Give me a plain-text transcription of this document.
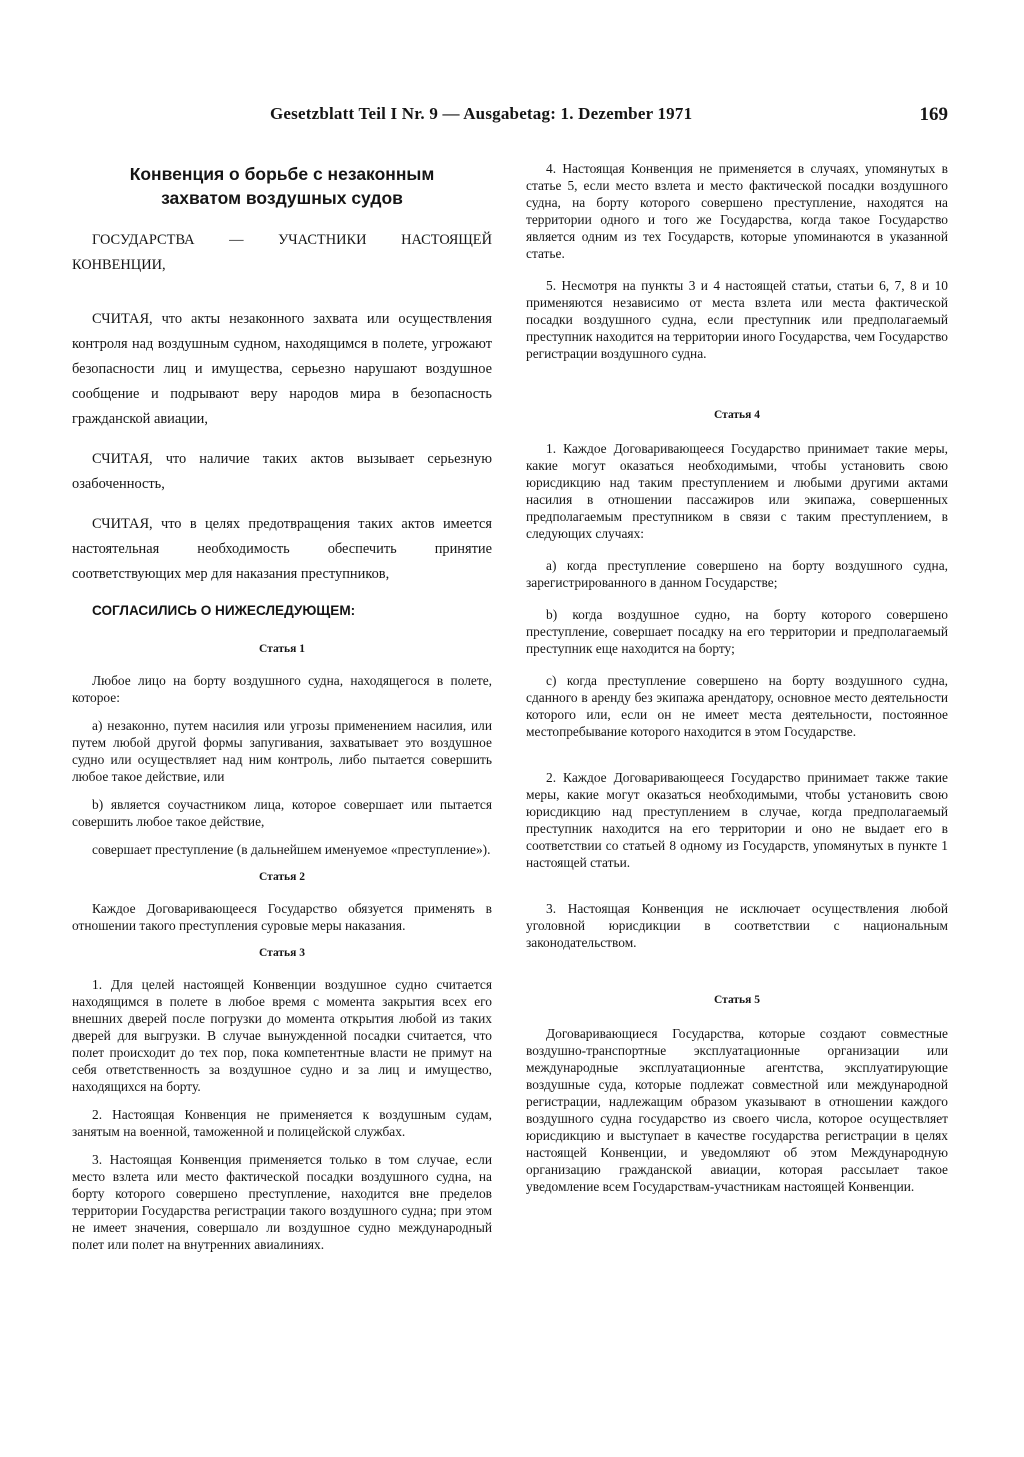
Gesetzblatt Teil I Nr. 9 — Ausgabetag: 1. Dezember 1971	169
Конвенция о борьбе с незаконным
захватом воздушных судов

ГОСУДАРСТВА — УЧАСТНИКИ НАСТОЯЩЕЙ КОНВЕНЦИИ,

СЧИТАЯ, что акты незаконного захвата или осуществления контроля над воздушным судном, находящимся в полете, угрожают безопасности лиц и имущества, серьезно нарушают воздушное сообщение и подрывают веру народов мира в безопасность гражданской авиации,

СЧИТАЯ, что наличие таких актов вызывает серьезную озабоченность,

СЧИТАЯ, что в целях предотвращения таких актов имеется настоятельная необходимость обеспечить принятие соответствующих мер для наказания преступников,

СОГЛАСИЛИСЬ О НИЖЕСЛЕДУЮЩЕМ:
Статья 1

Любое лицо на борту воздушного судна, находящегося в полете, которое:

a) незаконно, путем насилия или угрозы применением насилия, или путем любой другой формы запугивания, захватывает это воздушное судно или осуществляет над ним контроль, либо пытается совершить любое такое действие, или

b) является соучастником лица, которое совершает или пытается совершить любое такое действие,

совершает преступление (в дальнейшем именуемое «преступление»).

Статья 2

Каждое Договаривающееся Государство обязуется применять в отношении такого преступления суровые меры наказания.

Статья 3

1. Для целей настоящей Конвенции воздушное судно считается находящимся в полете в любое время с момента закрытия всех его внешних дверей после погрузки до момента открытия любой из таких дверей для выгрузки. В случае вынужденной посадки считается, что полет происходит до тех пор, пока компетентные власти не примут на себя ответственность за воздушное судно и за лиц и имущество, находящихся на борту.

2. Настоящая Конвенция не применяется к воздушным судам, занятым на военной, таможенной и полицейской службах.

3. Настоящая Конвенция применяется только в том случае, если место взлета или место фактической посадки воздушного судна, на борту которого совершено преступление, находится вне пределов территории Государства регистрации такого воздушного судна; при этом не имеет значения, совершало ли воздушное судно международный полет или полет на внутренних авиалиниях.

4. Настоящая Конвенция не применяется в случаях, упомянутых в статье 5, если место взлета и место фактической посадки воздушного судна, на борту которого совершено преступление, находятся на территории одного и того же Государства, когда такое Государство является одним из тех Государств, которые упоминаются в указанной статье.

5. Несмотря на пункты 3 и 4 настоящей статьи, статьи 6, 7, 8 и 10 применяются независимо от места взлета или места фактической посадки воздушного судна, если преступник или предполагаемый преступник находится на территории иного Государства, чем Государство регистрации воздушного судна.

Статья 4

1. Каждое Договаривающееся Государство принимает такие меры, какие могут оказаться необходимыми, чтобы установить свою юрисдикцию над таким преступлением и любыми другими актами насилия в отношении пассажиров или экипажа, совершенных предполагаемым преступником в связи с таким преступлением, в следующих случаях:

a) когда преступление совершено на борту воздушного судна, зарегистрированного в данном Государстве;

b) когда воздушное судно, на борту которого совершено преступление, совершает посадку на его территории и предполагаемый преступник еще находится на борту;

c) когда преступление совершено на борту воздушного судна, сданного в аренду без экипажа арендатору, основное место деятельности которого или, если он не имеет места деятельности, постоянное местопребывание которого находится в этом Государстве.

2. Каждое Договаривающееся Государство принимает также такие меры, какие могут оказаться необходимыми, чтобы установить свою юрисдикцию над преступлением в случае, когда предполагаемый преступник находится на его территории и оно не выдает его в соответствии со статьей 8 одному из Государств, упомянутых в пункте 1 настоящей статьи.

3. Настоящая Конвенция не исключает осуществления любой уголовной юрисдикции в соответствии с национальным законодательством.

Статья 5

Договаривающиеся Государства, которые создают совместные воздушно-транспортные эксплуатационные организации или международные эксплуатационные агентства, эксплуатирующие воздушные суда, которые подлежат совместной или международной регистрации, надлежащим образом указывают в отношении каждого воздушного судна государство из своего числа, которое осуществляет юрисдикцию и выступает в качестве государства регистрации в целях настоящей Конвенции, и уведомляют об этом Международную организацию гражданской авиации, которая рассылает такое уведомление всем Государствам-участникам настоящей Конвенции.
